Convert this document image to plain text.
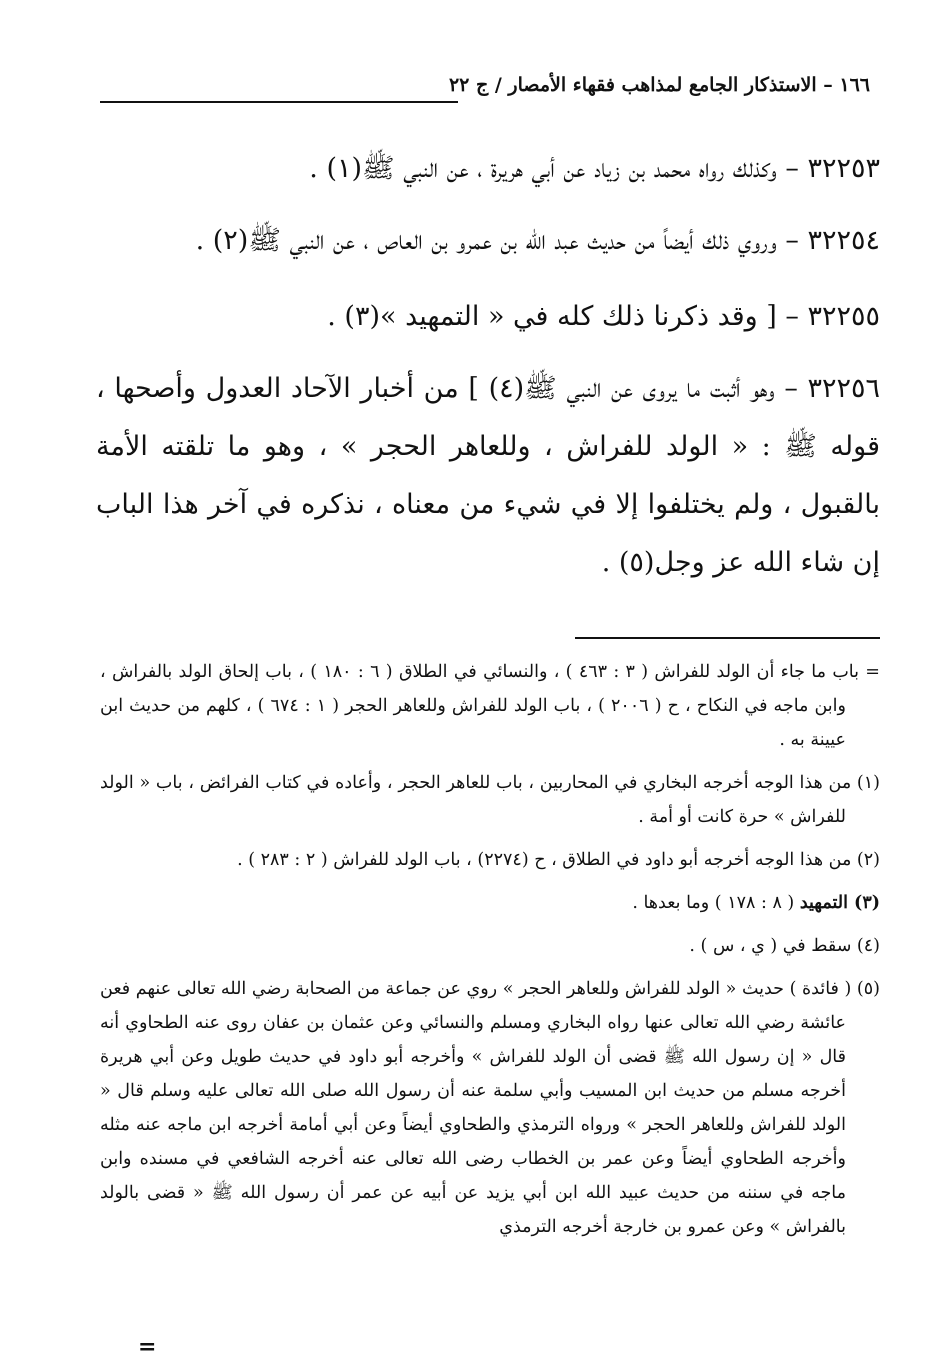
١٦٦ – الاستذكار الجامع لمذاهب فقهاء الأمصار / ج ٢٢

٣٢٢٥٣ – وكذلك رواه محمد بن زياد عن أبي هريرة ، عن النبي ﷺ(١) .

٣٢٢٥٤ – وروي ذلك أيضاً من حديث عبد الله بن عمرو بن العاص ، عن النبي ﷺ(٢) .

٣٢٢٥٥ – [ وقد ذكرنا ذلك كله في « التمهيد »(٣) .

٣٢٢٥٦ – وهو أثبت ما يروى عن النبي ﷺ(٤) ] من أخبار الآحاد العدول وأصحها ، قوله ﷺ : « الولد للفراش ، وللعاهر الحجر » ، وهو ما تلقته الأمة بالقبول ، ولم يختلفوا إلا في شيء من معناه ، نذكره في آخر هذا الباب إن شاء الله عز وجل(٥) .

= باب ما جاء أن الولد للفراش ( ٣ : ٤٦٣ ) ، والنسائي في الطلاق ( ٦ : ١٨٠ ) ، باب إلحاق الولد بالفراش ، وابن ماجه في النكاح ، ح ( ٢٠٠٦ ) ، باب الولد للفراش وللعاهر الحجر ( ١ : ٦٧٤ ) ، كلهم من حديث ابن عيينة به .

(١) من هذا الوجه أخرجه البخاري في المحاربين ، باب للعاهر الحجر ، وأعاده في كتاب الفرائض ، باب « الولد للفراش » حرة كانت أو أمة .

(٢) من هذا الوجه أخرجه أبو داود في الطلاق ، ح (٢٢٧٤) ، باب الولد للفراش ( ٢ : ٢٨٣ ) .

(٣) التمهيد ( ٨ : ١٧٨ ) وما بعدها .

(٤) سقط في ( ي ، س ) .

(٥) ( فائدة ) حديث « الولد للفراش وللعاهر الحجر » روي عن جماعة من الصحابة رضي الله تعالى عنهم فعن عائشة رضي الله تعالى عنها رواه البخاري ومسلم والنسائي وعن عثمان بن عفان روى عنه الطحاوي أنه قال « إن رسول الله ﷺ قضى أن الولد للفراش » وأخرجه أبو داود في حديث طويل وعن أبي هريرة أخرجه مسلم من حديث ابن المسيب وأبي سلمة عنه أن رسول الله صلى الله تعالى عليه وسلم قال « الولد للفراش وللعاهر الحجر » ورواه الترمذي والطحاوي أيضاً وعن أبي أمامة أخرجه ابن ماجه عنه مثله وأخرجه الطحاوي أيضاً وعن عمر بن الخطاب رضى الله تعالى عنه أخرجه الشافعي في مسنده وابن ماجه في سننه من حديث عبيد الله ابن أبي يزيد عن أبيه عن عمر أن رسول الله ﷺ « قضى بالولد بالفراش » وعن عمرو بن خارجة أخرجه الترمذي

=
